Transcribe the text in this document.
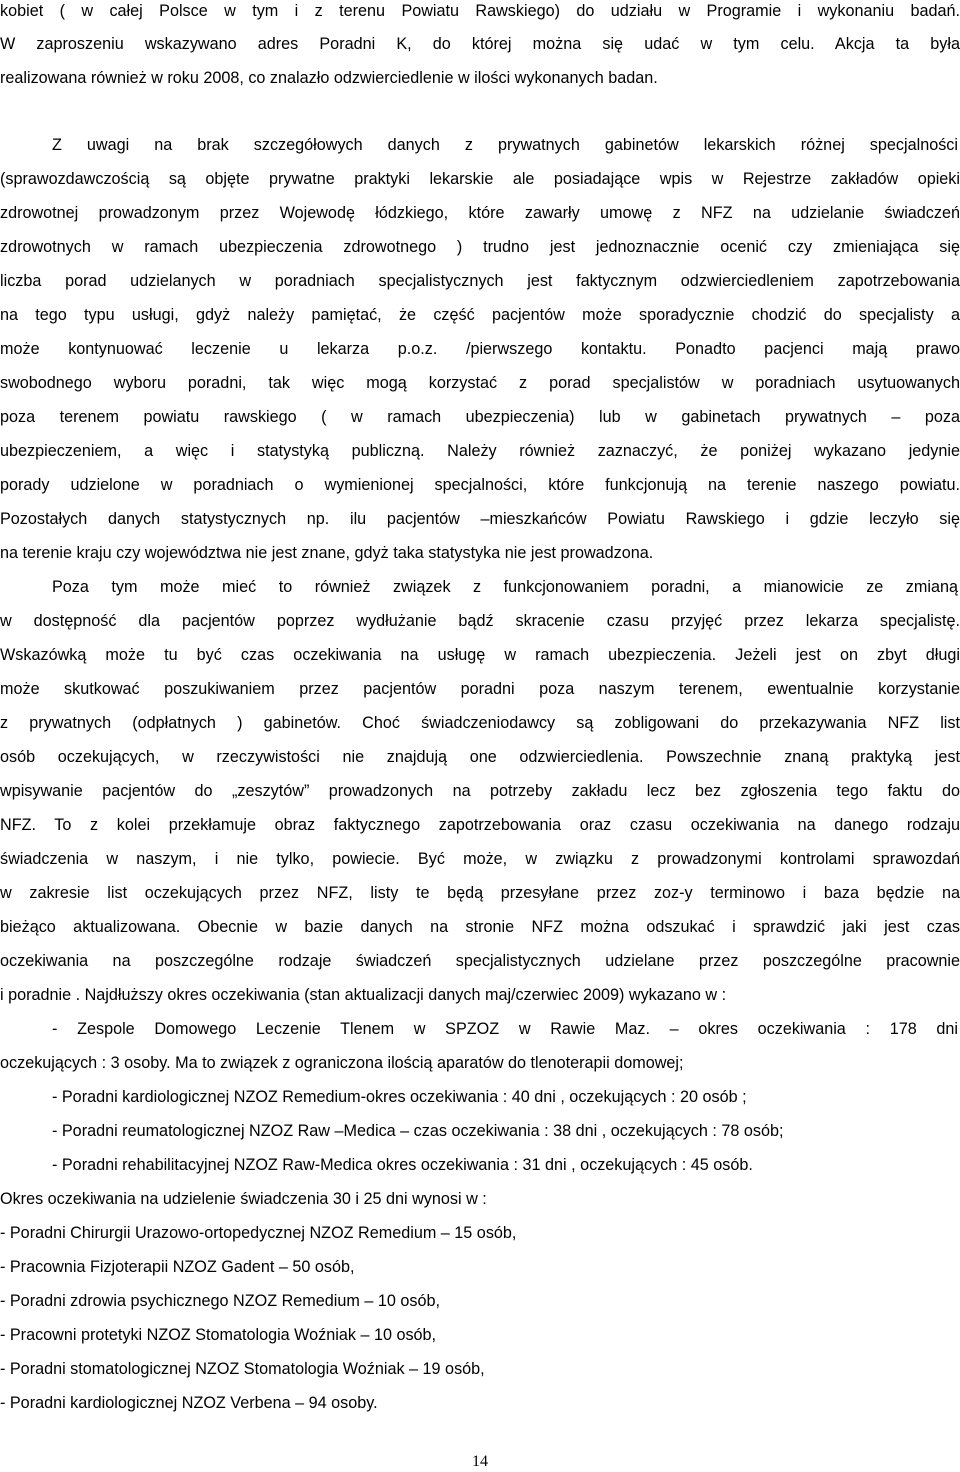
kobiet ( w całej Polsce w tym i z terenu Powiatu Rawskiego) do udziału w Programie i wykonaniu badań.
W zaproszeniu wskazywano adres Poradni K, do której można się udać w tym celu. Akcja ta była
realizowana również w roku 2008, co znalazło odzwierciedlenie w ilości wykonanych badan.
Z uwagi na brak szczegółowych danych z prywatnych gabinetów lekarskich różnej specjalności
(sprawozdawczością są objęte prywatne praktyki lekarskie ale posiadające wpis w Rejestrze zakładów opieki
zdrowotnej prowadzonym przez Wojewodę łódzkiego, które zawarły umowę z NFZ na udzielanie świadczeń
zdrowotnych w ramach ubezpieczenia zdrowotnego ) trudno jest jednoznacznie ocenić czy zmieniająca się
liczba porad udzielanych w poradniach specjalistycznych jest faktycznym odzwierciedleniem zapotrzebowania
na tego typu usługi, gdyż należy pamiętać, że część pacjentów może sporadycznie chodzić do specjalisty a
może kontynuować leczenie u lekarza p.o.z. /pierwszego kontaktu. Ponadto pacjenci mają prawo
swobodnego wyboru poradni, tak więc mogą korzystać z porad specjalistów w poradniach usytuowanych
poza terenem powiatu rawskiego ( w ramach ubezpieczenia) lub w gabinetach prywatnych – poza
ubezpieczeniem, a więc i statystyką publiczną. Należy również zaznaczyć, że poniżej wykazano jedynie
porady udzielone w poradniach o wymienionej specjalności, które funkcjonują na terenie naszego powiatu.
Pozostałych danych statystycznych np. ilu pacjentów –mieszkańców Powiatu Rawskiego i gdzie leczyło się
na terenie kraju czy województwa nie jest znane, gdyż taka statystyka nie jest prowadzona.
Poza tym może mieć to również związek z funkcjonowaniem poradni, a mianowicie ze zmianą
w dostępność dla pacjentów poprzez wydłużanie bądź skracenie czasu przyjęć przez lekarza specjalistę.
Wskazówką może tu być czas oczekiwania na usługę w ramach ubezpieczenia. Jeżeli jest on zbyt długi
może skutkować poszukiwaniem przez pacjentów poradni poza naszym terenem, ewentualnie korzystanie
z prywatnych (odpłatnych ) gabinetów. Choć świadczeniodawcy są zobligowani do przekazywania NFZ list
osób oczekujących, w rzeczywistości nie znajdują one odzwierciedlenia. Powszechnie znaną praktyką jest
wpisywanie pacjentów do „zeszytów” prowadzonych na potrzeby zakładu lecz bez zgłoszenia tego faktu do
NFZ. To z kolei przekłamuje obraz faktycznego zapotrzebowania oraz czasu oczekiwania na danego rodzaju
świadczenia w naszym, i nie tylko, powiecie. Być może, w związku z prowadzonymi kontrolami sprawozdań
w zakresie list oczekujących przez NFZ, listy te będą przesyłane przez zoz-y terminowo i baza będzie na
bieżąco aktualizowana. Obecnie w bazie danych na stronie NFZ można odszukać i sprawdzić jaki jest czas
oczekiwania na poszczególne rodzaje świadczeń specjalistycznych udzielane przez poszczególne pracownie
i poradnie . Najdłuższy okres oczekiwania (stan aktualizacji danych maj/czerwiec 2009) wykazano w :
- Zespole Domowego Leczenie Tlenem w SPZOZ w Rawie Maz. – okres oczekiwania : 178 dni
oczekujących : 3 osoby. Ma to związek z ograniczona ilością aparatów do tlenoterapii domowej;
- Poradni kardiologicznej NZOZ Remedium-okres oczekiwania : 40 dni , oczekujących : 20 osób ;
- Poradni reumatologicznej NZOZ Raw –Medica – czas oczekiwania : 38 dni , oczekujących : 78 osób;
- Poradni rehabilitacyjnej NZOZ Raw-Medica okres oczekiwania : 31 dni , oczekujących : 45 osób.
Okres oczekiwania na udzielenie świadczenia 30 i 25 dni wynosi w :
- Poradni Chirurgii Urazowo-ortopedycznej NZOZ Remedium – 15 osób,
- Pracownia Fizjoterapii NZOZ Gadent – 50 osób,
- Poradni zdrowia psychicznego NZOZ Remedium – 10 osób,
- Pracowni protetyki NZOZ Stomatologia Woźniak – 10 osób,
- Poradni stomatologicznej NZOZ Stomatologia Woźniak – 19 osób,
- Poradni kardiologicznej NZOZ Verbena – 94 osoby.
14
